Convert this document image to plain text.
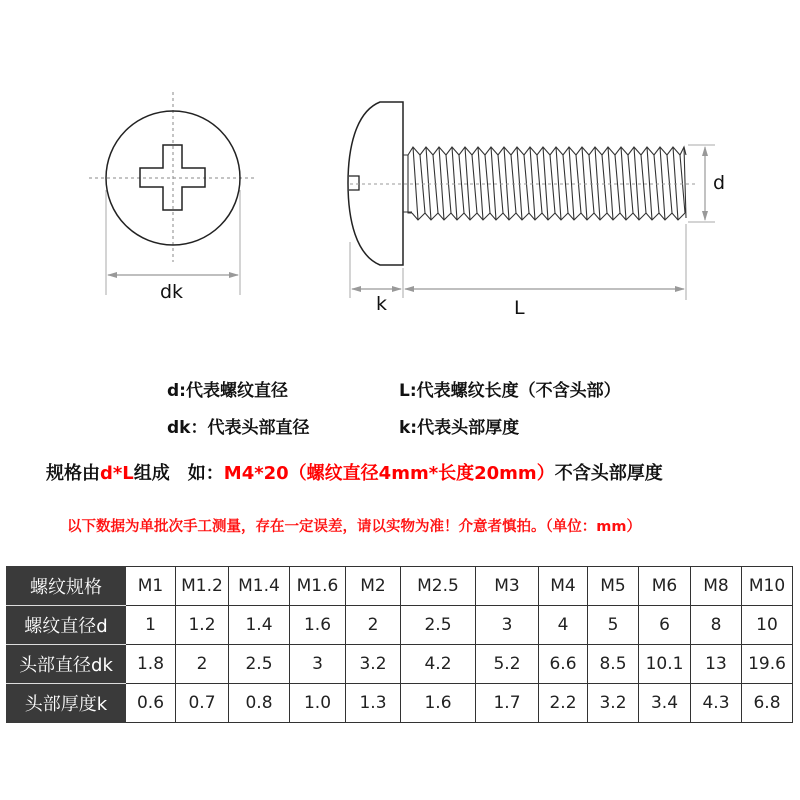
dk
k	L
d
d:代表螺纹直径	L:代表螺纹长度（不含头部）
dk：代表头部直径	k:代表头部厚度
规格由d*L组成　如：M4*20（螺纹直径4mm*长度20mm）不含头部厚度
以下数据为单批次手工测量，存在一定误差，请以实物为准！介意者慎拍。（单位：mm）
螺纹规格	M1	M1.2	M1.4	M1.6	M2	M2.5	M3	M4	M5	M6	M8	M10
螺纹直径d	1	1.2	1.4	1.6	2	2.5	3	4	5	6	8	10
头部直径dk	1.8	2	2.5	3	3.2	4.2	5.2	6.6	8.5	10.1	13	19.6
头部厚度k	0.6	0.7	0.8	1.0	1.3	1.6	1.7	2.2	3.2	3.4	4.3	6.8
